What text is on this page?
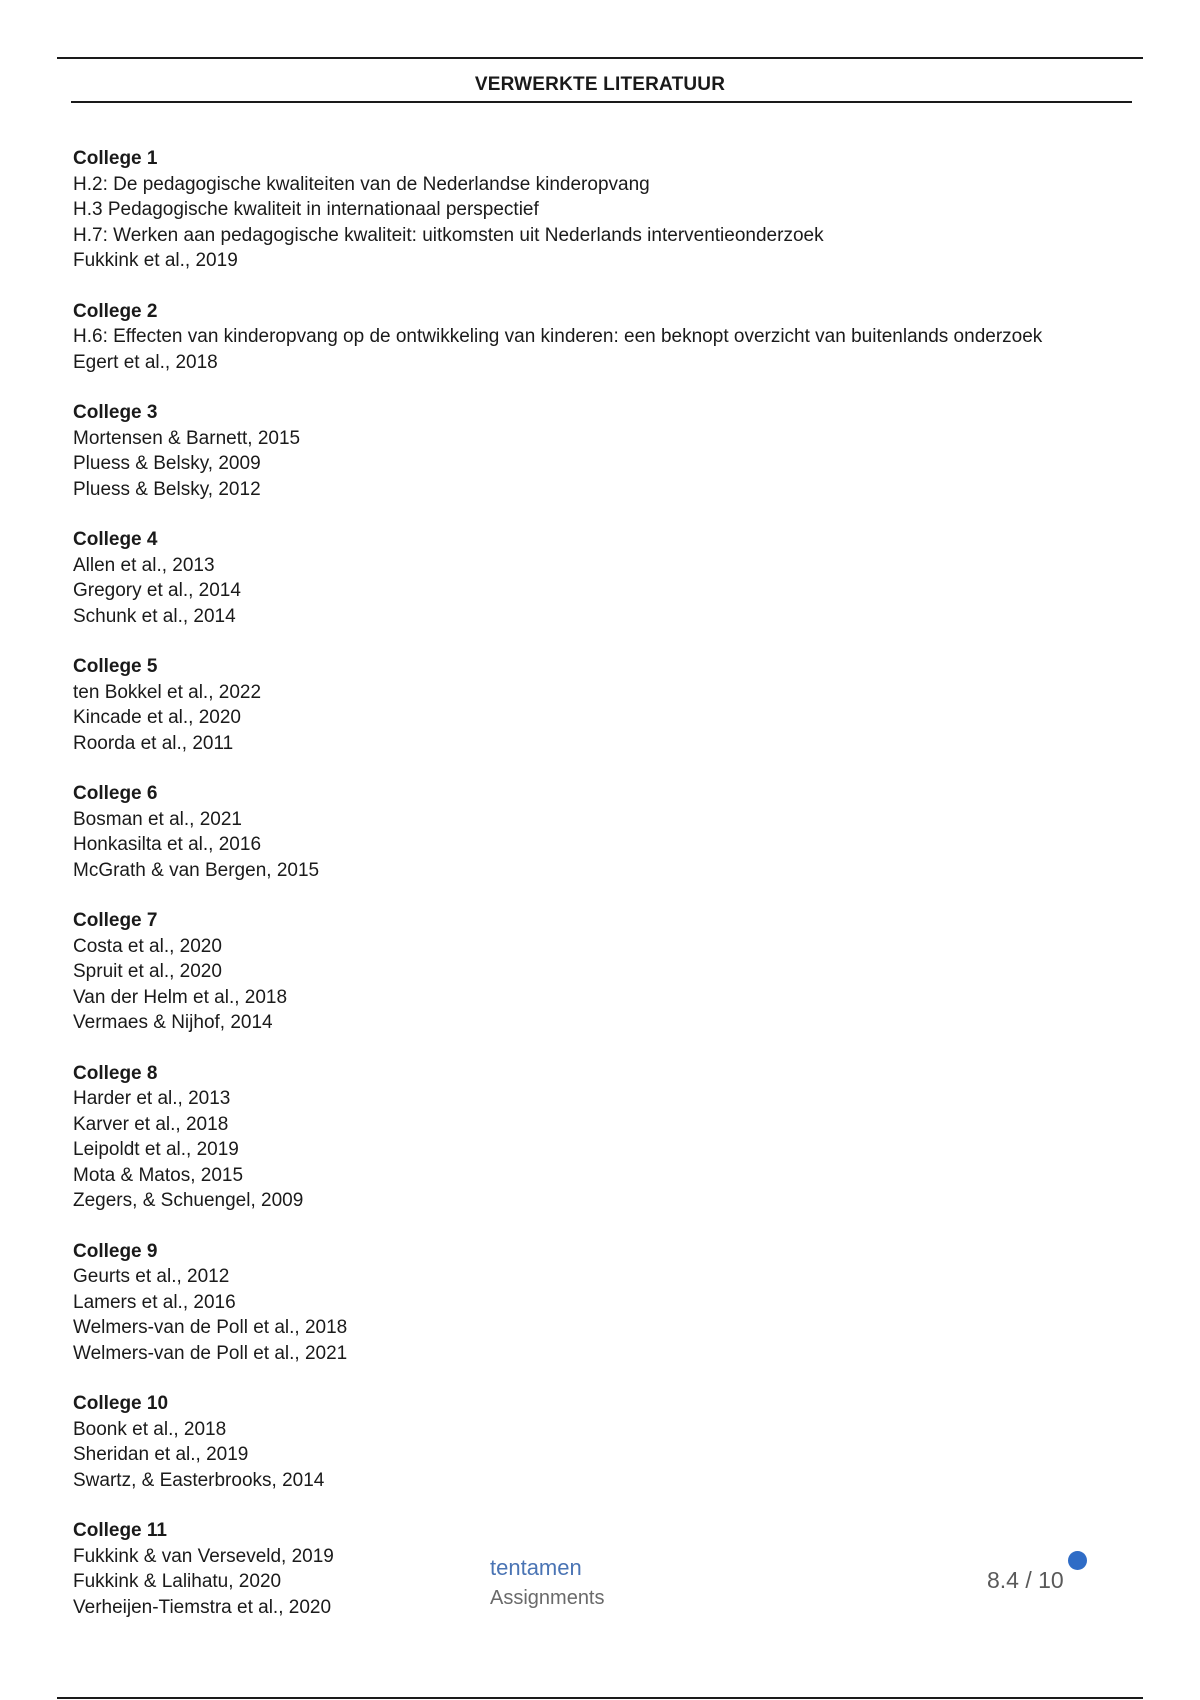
VERWERKTE LITERATUUR
College 1
H.2: De pedagogische kwaliteiten van de Nederlandse kinderopvang
H.3 Pedagogische kwaliteit in internationaal perspectief
H.7: Werken aan pedagogische kwaliteit: uitkomsten uit Nederlands interventieonderzoek
Fukkink et al., 2019
College 2
H.6: Effecten van kinderopvang op de ontwikkeling van kinderen: een beknopt overzicht van buitenlands onderzoek
Egert et al., 2018
College 3
Mortensen & Barnett, 2015
Pluess & Belsky, 2009
Pluess & Belsky, 2012
College 4
Allen et al., 2013
Gregory et al., 2014
Schunk et al., 2014
College 5
ten Bokkel et al., 2022
Kincade et al., 2020
Roorda et al., 2011
College 6
Bosman et al., 2021
Honkasilta et al., 2016
McGrath & van Bergen, 2015
College 7
Costa et al., 2020
Spruit et al., 2020
Van der Helm et al., 2018
Vermaes & Nijhof, 2014
College 8
Harder et al., 2013
Karver et al., 2018
Leipoldt et al., 2019
Mota & Matos, 2015
Zegers, & Schuengel, 2009
College 9
Geurts et al., 2012
Lamers et al., 2016
Welmers-van de Poll et al., 2018
Welmers-van de Poll et al., 2021
College 10
Boonk et al., 2018
Sheridan et al., 2019
Swartz, & Easterbrooks, 2014
College 11
Fukkink & van Verseveld, 2019
Fukkink & Lalihatu, 2020
Verheijen-Tiemstra et al., 2020
tentamen
Assignments
8.4 / 10
